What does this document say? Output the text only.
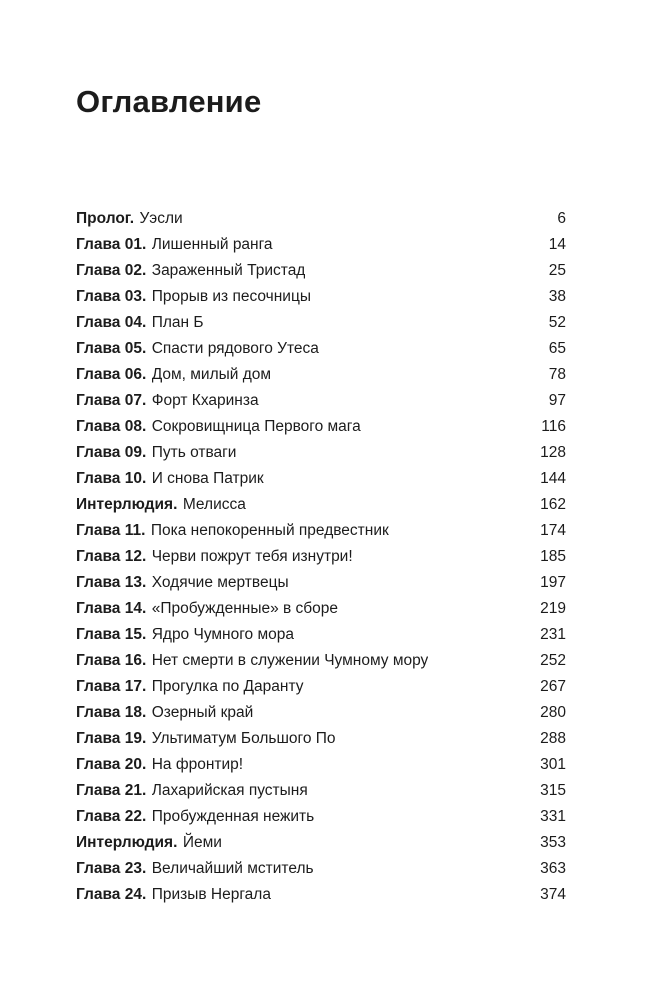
Оглавление
Пролог. Уэсли	6
Глава 01. Лишенный ранга	14
Глава 02. Зараженный Тристад	25
Глава 03. Прорыв из песочницы	38
Глава 04. План Б	52
Глава 05. Спасти рядового Утеса	65
Глава 06. Дом, милый дом	78
Глава 07. Форт Кхаринза	97
Глава 08. Сокровищница Первого мага	116
Глава 09. Путь отваги	128
Глава 10. И снова Патрик	144
Интерлюдия. Мелисса	162
Глава 11. Пока непокоренный предвестник	174
Глава 12. Черви пожрут тебя изнутри!	185
Глава 13. Ходячие мертвецы	197
Глава 14. «Пробужденные» в сборе	219
Глава 15. Ядро Чумного мора	231
Глава 16. Нет смерти в служении Чумному мору	252
Глава 17. Прогулка по Даранту	267
Глава 18. Озерный край	280
Глава 19. Ультиматум Большого По	288
Глава 20. На фронтир!	301
Глава 21. Лахарийская пустыня	315
Глава 22. Пробужденная нежить	331
Интерлюдия. Йеми	353
Глава 23. Величайший мститель	363
Глава 24. Призыв Нергала	374
